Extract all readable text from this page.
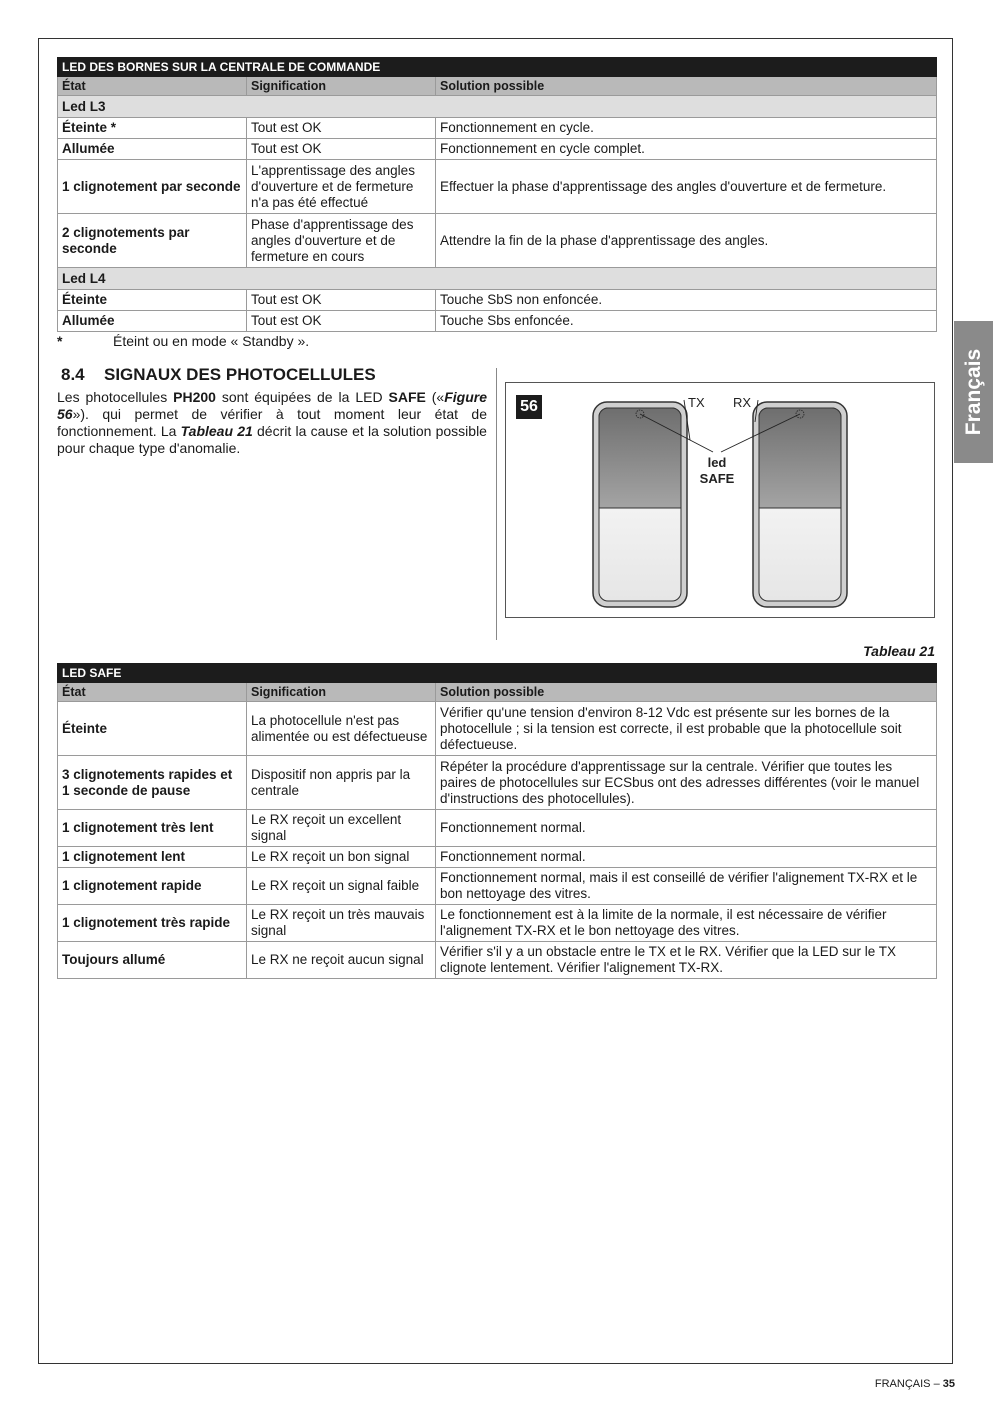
LED DES BORNES SUR LA CENTRALE DE COMMANDE		
État	Signification	Solution possible
Led L3		
Éteinte *	Tout est OK	Fonctionnement en cycle.
Allumée	Tout est OK	Fonctionnement en cycle complet.
1 clignotement par seconde	L'apprentissage des angles d'ouverture et de fermeture n'a pas été effectué	Effectuer la phase d'apprentissage des angles d'ouverture et de fermeture.
2 clignotements par seconde	Phase d'apprentissage des angles d'ouverture et de fermeture en cours	Attendre la fin de la phase d'apprentissage des angles.
Led L4		
Éteinte	Tout est OK	Touche SbS non enfoncée.
Allumée	Tout est OK	Touche Sbs enfoncée.
*	Éteint ou en mode « Standby ».
8.4 SIGNAUX DES PHOTOCELLULES

Les photocellules PH200 sont équipées de la LED SAFE («Figure 56»). qui permet de vérifier à tout moment leur état de fonctionnement. La Tableau 21 décrit la cause et la solution possible pour chaque type d'anomalie.

56	TX RX
led
SAFE
Tableau 21
LED SAFE		
État	Signification	Solution possible
Éteinte	La photocellule n'est pas alimentée ou est défectueuse	Vérifier qu'une tension d'environ 8-12 Vdc est présente sur les bornes de la photocellule ; si la tension est correcte, il est probable que la photocellule soit défectueuse.
3 clignotements rapides et 1 seconde de pause	Dispositif non appris par la centrale	Répéter la procédure d'apprentissage sur la centrale. Vérifier que toutes les paires de photocellules sur ECSbus ont des adresses différentes (voir le manuel d'instructions des photocellules).
1 clignotement très lent	Le RX reçoit un excellent signal	Fonctionnement normal.
1 clignotement lent	Le RX reçoit un bon signal	Fonctionnement normal.
1 clignotement rapide	Le RX reçoit un signal faible	Fonctionnement normal, mais il est conseillé de vérifier l'alignement TX-RX et le bon nettoyage des vitres.
1 clignotement très rapide	Le RX reçoit un très mauvais signal	Le fonctionnement est à la limite de la normale, il est nécessaire de vérifier l'alignement TX-RX et le bon nettoyage des vitres.
Toujours allumé	Le RX ne reçoit aucun signal	Vérifier s'il y a un obstacle entre le TX et le RX. Vérifier que la LED sur le TX clignote lentement. Vérifier l'alignement TX-RX.
Français
FRANÇAIS – 35
